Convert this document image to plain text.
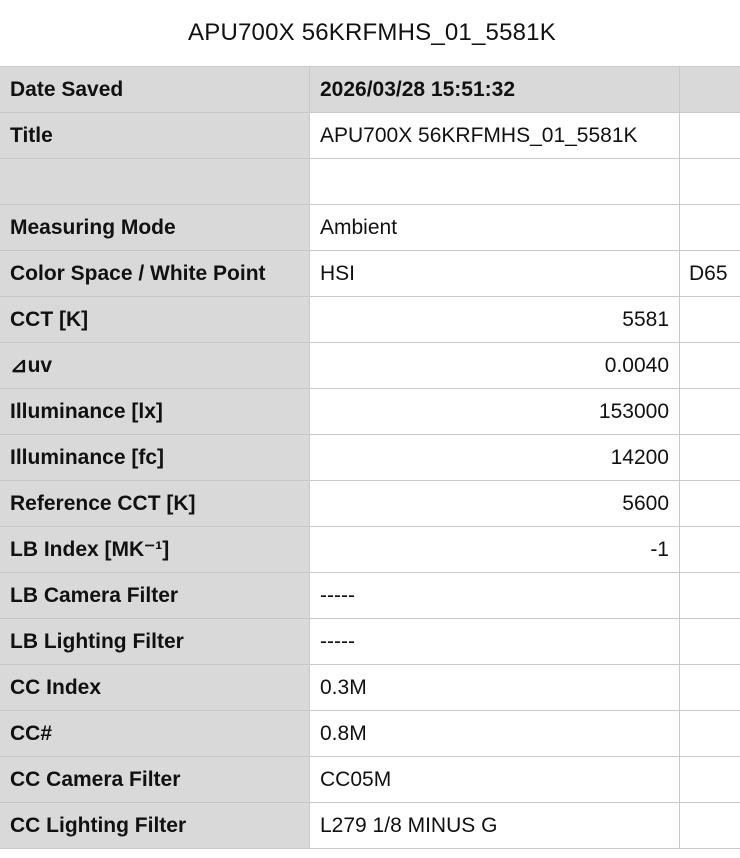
APU700X 56KRFMHS_01_5581K
Date Saved	2026/03/28 15:51:32	
Title	APU700X 56KRFMHS_01_5581K	

Measuring Mode	Ambient	
Color Space / White Point	HSI	D65
CCT [K]	5581	
⊿uv	0.0040	
Illuminance [lx]	153000	
Illuminance [fc]	14200	
Reference CCT [K]	5600	
LB Index [MK⁻¹]	-1	
LB Camera Filter	-----	
LB Lighting Filter	-----	
CC Index	0.3M	
CC#	0.8M	
CC Camera Filter	CC05M	
CC Lighting Filter	L279 1/8 MINUS G	
